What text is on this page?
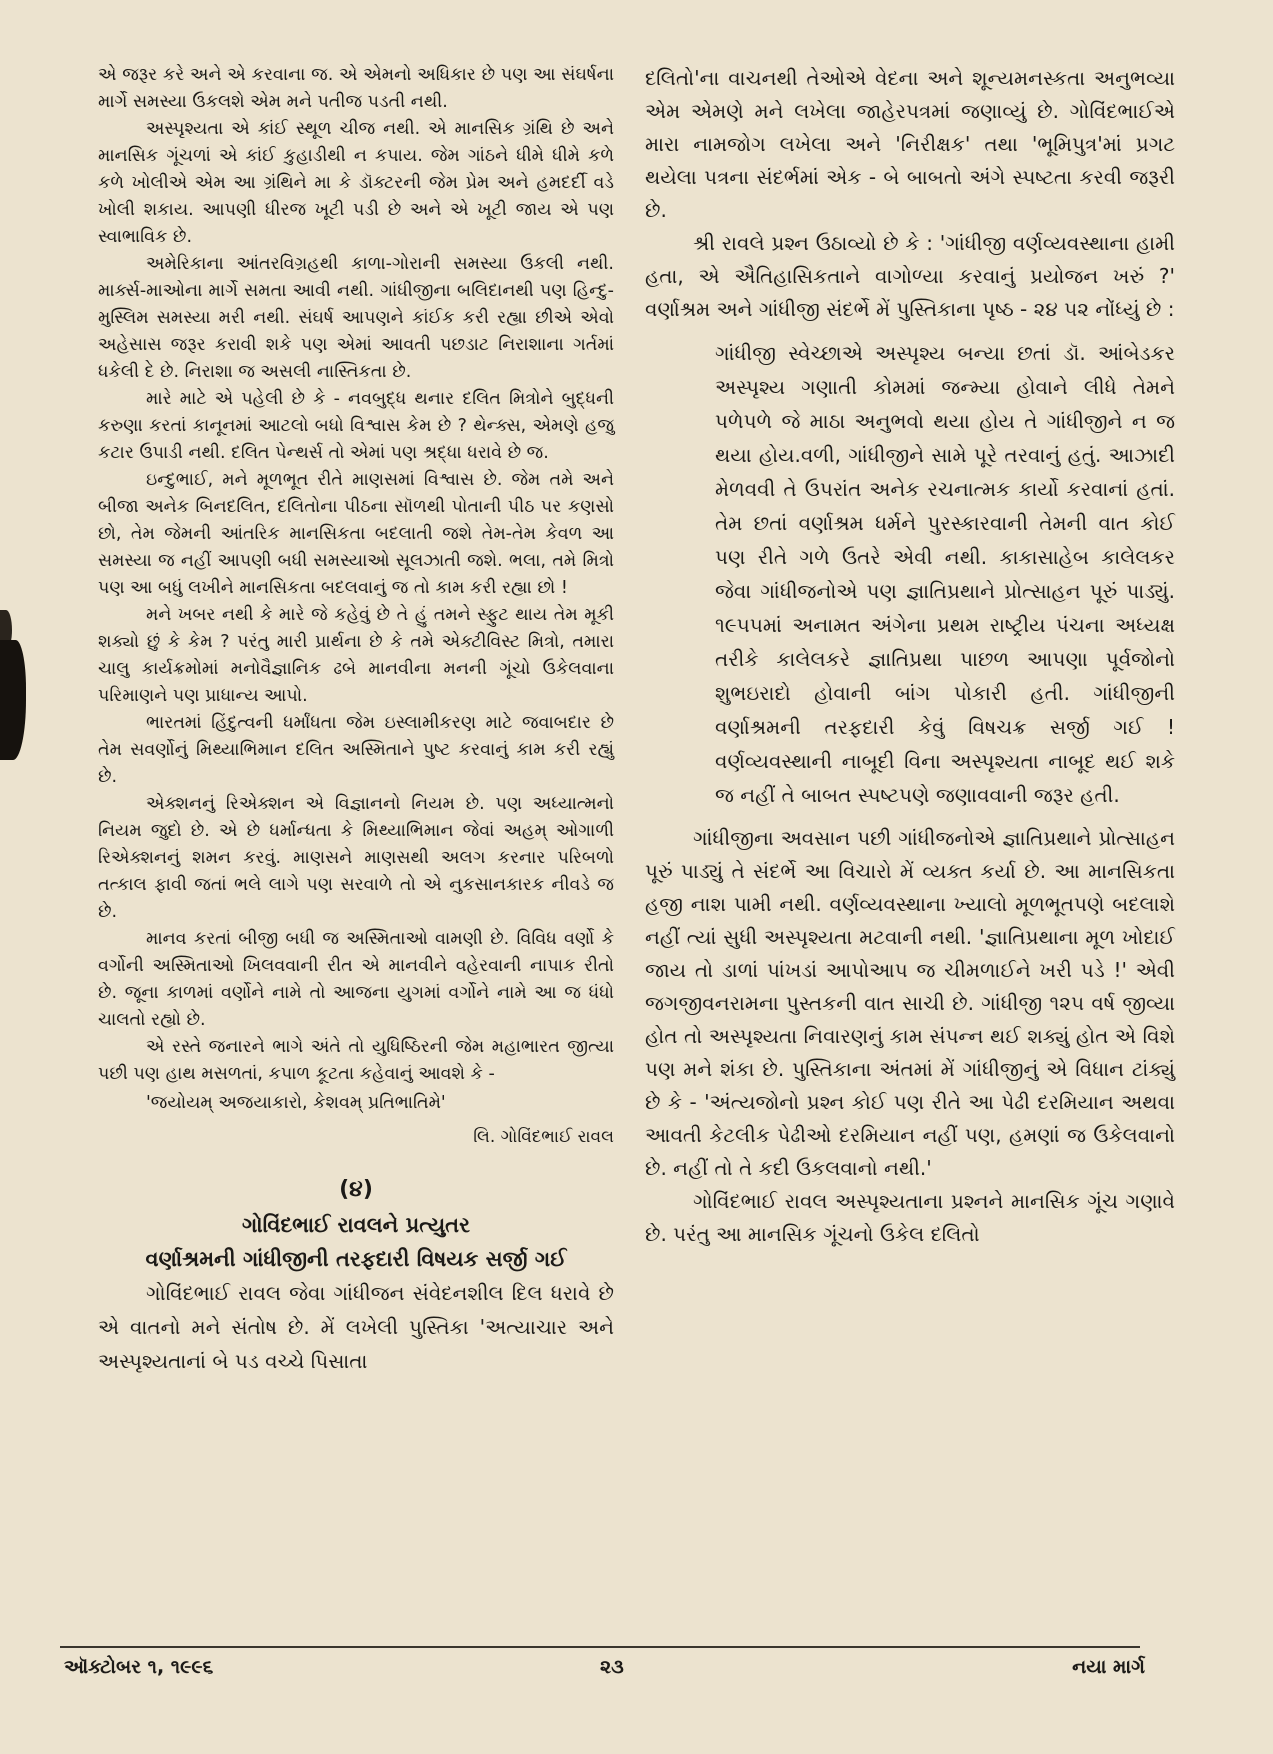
એ જરૂર કરે અને એ કરવાના જ. એ એમનો અધિકાર છે પણ આ સંઘર્ષના માર્ગે સમસ્યા ઉકલશે એમ મને પતીજ પડતી નથી.

અસ્પૃશ્યતા એ કાંઈ સ્થૂળ ચીજ નથી. એ માનસિક ગ્રંથિ છે અને માનસિક ગૂંચળાં એ કાંઈ કુહાડીથી ન કપાય. જેમ ગાંઠને ધીમે ધીમે કળે કળે ખોલીએ એમ આ ગ્રંથિને મા કે ડૉક્ટરની જેમ પ્રેમ અને હમદર્દી વડે ખોલી શકાય. આપણી ધીરજ ખૂટી પડી છે અને એ ખૂટી જાય એ પણ સ્વાભાવિક છે.

અમેરિકાના આંતરવિગ્રહથી કાળા-ગોરાની સમસ્યા ઉકલી નથી. માર્ક્સ-માઓના માર્ગે સમતા આવી નથી. ગાંધીજીના બલિદાનથી પણ હિન્દુ-મુસ્લિમ સમસ્યા મરી નથી. સંઘર્ષ આપણને કાંઈક કરી રહ્યા છીએ એવો અહેસાસ જરૂર કરાવી શકે પણ એમાં આવતી પછડાટ નિરાશાના ગર્તમાં ધકેલી દે છે. નિરાશા જ અસલી નાસ્તિકતા છે.

મારે માટે એ પહેલી છે કે - નવબુદ્ધ થનાર દલિત મિત્રોને બુદ્ધની કરુણા કરતાં કાનૂનમાં આટલો બધો વિશ્વાસ કેમ છે ? થેન્ક્સ, એમણે હજુ કટાર ઉપાડી નથી. દલિત પેન્થર્સ તો એમાં પણ શ્રદ્ધા ધરાવે છે જ.

ઇન્દુભાઈ, મને મૂળભૂત રીતે માણસમાં વિશ્વાસ છે. જેમ તમે અને બીજા અનેક બિનદલિત, દલિતોના પીઠના સૉળથી પોતાની પીઠ પર કણસો છો, તેમ જેમની આંતરિક માનસિકતા બદલાતી જશે તેમ-તેમ કેવળ આ સમસ્યા જ નહીં આપણી બધી સમસ્યાઓ સૂલઝાતી જશે. ભલા, તમે મિત્રો પણ આ બધું લખીને માનસિકતા બદલવાનું જ તો કામ કરી રહ્યા છો !

મને ખબર નથી કે મારે જે કહેવું છે તે હું તમને સ્ફુટ થાય તેમ મૂકી શક્યો છું કે કેમ ? પરંતુ મારી પ્રાર્થના છે કે તમે એક્ટીવિસ્ટ મિત્રો, તમારા ચાલુ કાર્યક્રમોમાં મનોવૈજ્ઞાનિક ઢબે માનવીના મનની ગૂંચો ઉકેલવાના પરિમાણને પણ પ્રાધાન્ય આપો.

ભારતમાં હિંદુત્વની ધર્માંધતા જેમ ઇસ્લામીકરણ માટે જવાબદાર છે તેમ સવર્ણોનું મિથ્યાભિમાન દલિત અસ્મિતાને પુષ્ટ કરવાનું કામ કરી રહ્યું છે.

એક્શનનું રિએક્શન એ વિજ્ઞાનનો નિયમ છે. પણ અધ્યાત્મનો નિયમ જુદો છે. એ છે ધર્માન્ધતા કે મિથ્યાભિમાન જેવાં અહમ્ ઓગાળી રિએક્શનનું શમન કરવું. માણસને માણસથી અલગ કરનાર પરિબળો તત્કાલ ફાવી જતાં ભલે લાગે પણ સરવાળે તો એ નુકસાનકારક નીવડે જ છે.

માનવ કરતાં બીજી બધી જ અસ્મિતાઓ વામણી છે. વિવિધ વર્ણો કે વર્ગોની અસ્મિતાઓ ખિલવવાની રીત એ માનવીને વહેરવાની નાપાક રીતો છે. જૂના કાળમાં વર્ણોને નામે તો આજના યુગમાં વર્ગોને નામે આ જ ધંધો ચાલતો રહ્યો છે.

એ રસ્તે જનારને ભાગે અંતે તો યુધિષ્ઠિરની જેમ મહાભારત જીત્યા પછી પણ હાથ મસળતાં, કપાળ કૂટતા કહેવાનું આવશે કે -

'જયોયમ્ અજયાકારો, કેશવમ્ પ્રતિભાતિમે'
લિ. ગોવિંદભાઈ રાવલ
(૪)
ગોવિંદભાઈ રાવલને પ્રત્યુતર
વર્ણાશ્રમની ગાંધીજીની તરફદારી વિષયક સર્જી ગઈ

ગોવિંદભાઈ રાવલ જેવા ગાંધીજન સંવેદનશીલ દિલ ધરાવે છે એ વાતનો મને સંતોષ છે. મેં લખેલી પુસ્તિકા 'અત્યાચાર અને અસ્પૃશ્યતાનાં બે પડ વચ્ચે પિસાતા

દલિતો'ના વાચનથી તેઓએ વેદના અને શૂન્યમનસ્કતા અનુભવ્યા એમ એમણે મને લખેલા જાહેરપત્રમાં જણાવ્યું છે. ગોવિંદભાઈએ મારા નામજોગ લખેલા અને 'નિરીક્ષક' તથા 'ભૂમિપુત્ર'માં પ્રગટ થયેલા પત્રના સંદર્ભમાં એક - બે બાબતો અંગે સ્પષ્ટતા કરવી જરૂરી છે.

શ્રી રાવલે પ્રશ્ન ઉઠાવ્યો છે કે : 'ગાંધીજી વર્ણવ્યવસ્થાના હામી હતા, એ ઐતિહાસિકતાને વાગોળ્યા કરવાનું પ્રયોજન ખરું ?' વર્ણાશ્રમ અને ગાંધીજી સંદર્ભે મેં પુસ્તિકાના પૃષ્ઠ - ૨૪ ૫૨ નોંધ્યું છે :

ગાંધીજી સ્વેચ્છાએ અસ્પૃશ્ય બન્યા છતાં ડૉ. આંબેડકર અસ્પૃશ્ય ગણાતી કોમમાં જન્મ્યા હોવાને લીધે તેમને પળેપળે જે માઠા અનુભવો થયા હોય તે ગાંધીજીને ન જ થયા હોય.વળી, ગાંધીજીને સામે પૂરે તરવાનું હતું. આઝાદી મેળવવી તે ઉપરાંત અનેક રચનાત્મક કાર્યો કરવાનાં હતાં. તેમ છતાં વર્ણાશ્રમ ધર્મને પુરસ્કારવાની તેમની વાત કોઈ પણ રીતે ગળે ઉતરે એવી નથી. કાકાસાહેબ કાલેલકર જેવા ગાંધીજનોએ પણ જ્ઞાતિપ્રથાને પ્રોત્સાહન પૂરું પાડ્યું. ૧૯૫૫માં અનામત અંગેના પ્રથમ રાષ્ટ્રીય પંચના અધ્યક્ષ તરીકે કાલેલકરે જ્ઞાતિપ્રથા પાછળ આપણા પૂર્વજોનો શુભઇરાદો હોવાની બાંગ પોકારી હતી. ગાંધીજીની વર્ણાશ્રમની તરફદારી કેવું વિષચક્ર સર્જી ગઈ ! વર્ણવ્યવસ્થાની નાબૂદી વિના અસ્પૃશ્યતા નાબૂદ થઈ શકે જ નહીં તે બાબત સ્પષ્ટપણે જણાવવાની જરૂર હતી.

ગાંધીજીના અવસાન પછી ગાંધીજનોએ જ્ઞાતિપ્રથાને પ્રોત્સાહન પૂરું પાડ્યું તે સંદર્ભે આ વિચારો મેં વ્યક્ત કર્યા છે. આ માનસિકતા હજી નાશ પામી નથી. વર્ણવ્યવસ્થાના ખ્યાલો મૂળભૂતપણે બદલાશે નહીં ત્યાં સુધી અસ્પૃશ્યતા મટવાની નથી. 'જ્ઞાતિપ્રથાના મૂળ ખોદાઈ જાય તો ડાળાં પાંખડાં આપોઆપ જ ચીમળાઈને ખરી પડે !' એવી જગજીવનરામના પુસ્તકની વાત સાચી છે. ગાંધીજી ૧૨૫ વર્ષ જીવ્યા હોત તો અસ્પૃશ્યતા નિવારણનું કામ સંપન્ન થઈ શક્યું હોત એ વિશે પણ મને શંકા છે. પુસ્તિકાના અંતમાં મેં ગાંધીજીનું એ વિધાન ટાંક્યું છે કે - 'અંત્યજોનો પ્રશ્ન કોઈ પણ રીતે આ પેઢી દરમિયાન અથવા આવતી કેટલીક પેઢીઓ દરમિયાન નહીં પણ, હમણાં જ ઉકેલવાનો છે. નહીં તો તે કદી ઉકલવાનો નથી.'

ગોવિંદભાઈ રાવલ અસ્પૃશ્યતાના પ્રશ્નને માનસિક ગૂંચ ગણાવે છે. પરંતુ આ માનસિક ગૂંચનો ઉકેલ દલિતો

ઑક્ટોબર ૧, ૧૯૯૬	૨૩	નયા માર્ગ
